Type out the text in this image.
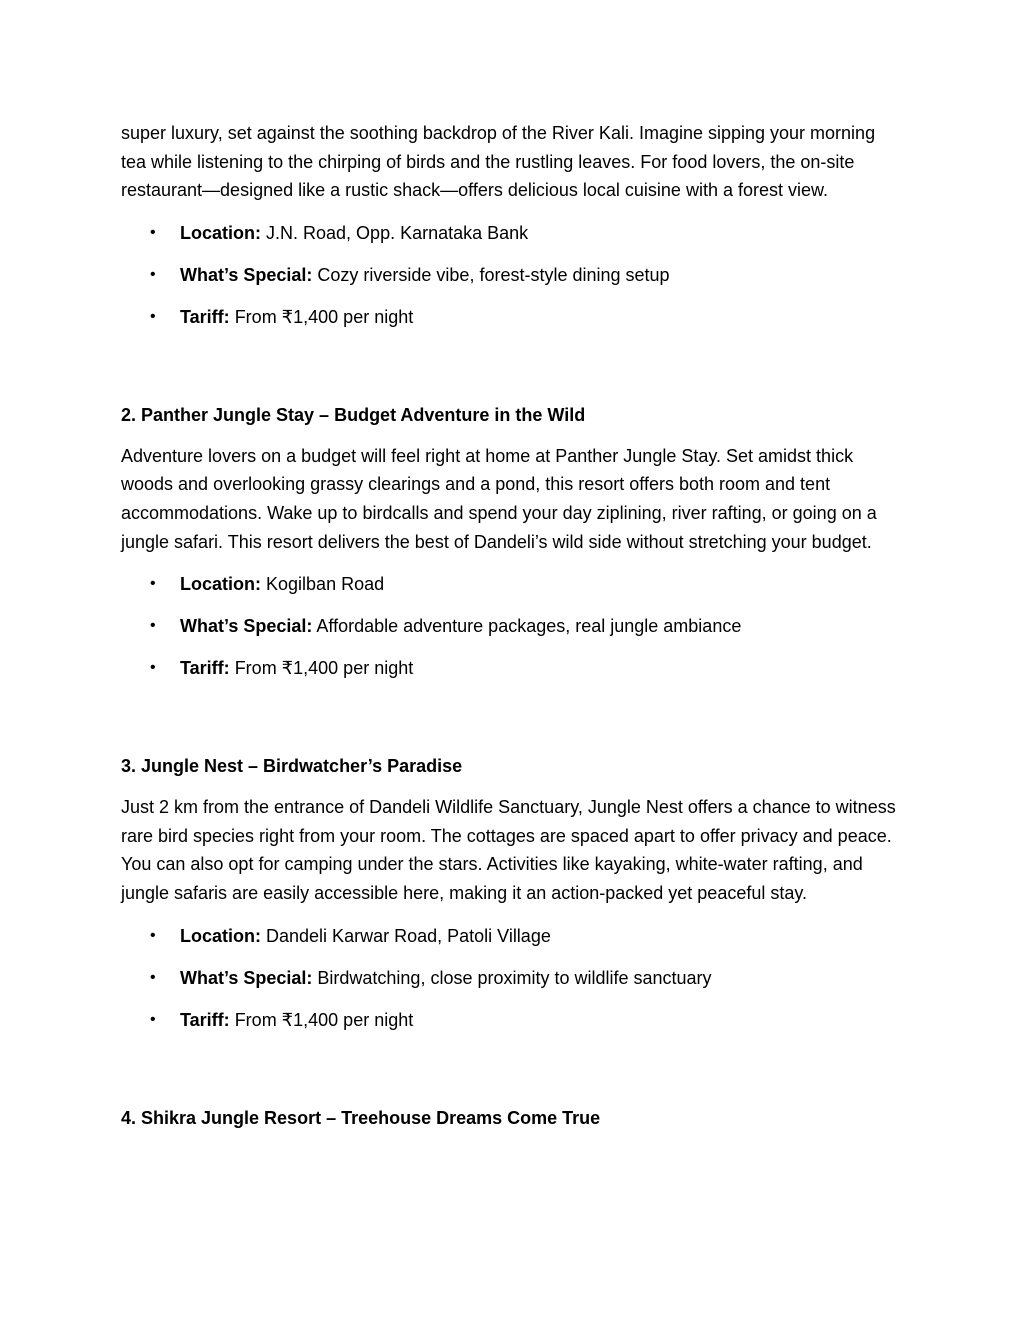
super luxury, set against the soothing backdrop of the River Kali. Imagine sipping your morning tea while listening to the chirping of birds and the rustling leaves. For food lovers, the on-site restaurant—designed like a rustic shack—offers delicious local cuisine with a forest view.

• Location: J.N. Road, Opp. Karnataka Bank
• What’s Special: Cozy riverside vibe, forest-style dining setup
• Tariff: From ₹1,400 per night
2. Panther Jungle Stay – Budget Adventure in the Wild

Adventure lovers on a budget will feel right at home at Panther Jungle Stay. Set amidst thick woods and overlooking grassy clearings and a pond, this resort offers both room and tent accommodations. Wake up to birdcalls and spend your day ziplining, river rafting, or going on a jungle safari. This resort delivers the best of Dandeli’s wild side without stretching your budget.

• Location: Kogilban Road
• What’s Special: Affordable adventure packages, real jungle ambiance
• Tariff: From ₹1,400 per night
3. Jungle Nest – Birdwatcher’s Paradise

Just 2 km from the entrance of Dandeli Wildlife Sanctuary, Jungle Nest offers a chance to witness rare bird species right from your room. The cottages are spaced apart to offer privacy and peace. You can also opt for camping under the stars. Activities like kayaking, white-water rafting, and jungle safaris are easily accessible here, making it an action-packed yet peaceful stay.

• Location: Dandeli Karwar Road, Patoli Village
• What’s Special: Birdwatching, close proximity to wildlife sanctuary
• Tariff: From ₹1,400 per night
4. Shikra Jungle Resort – Treehouse Dreams Come True
